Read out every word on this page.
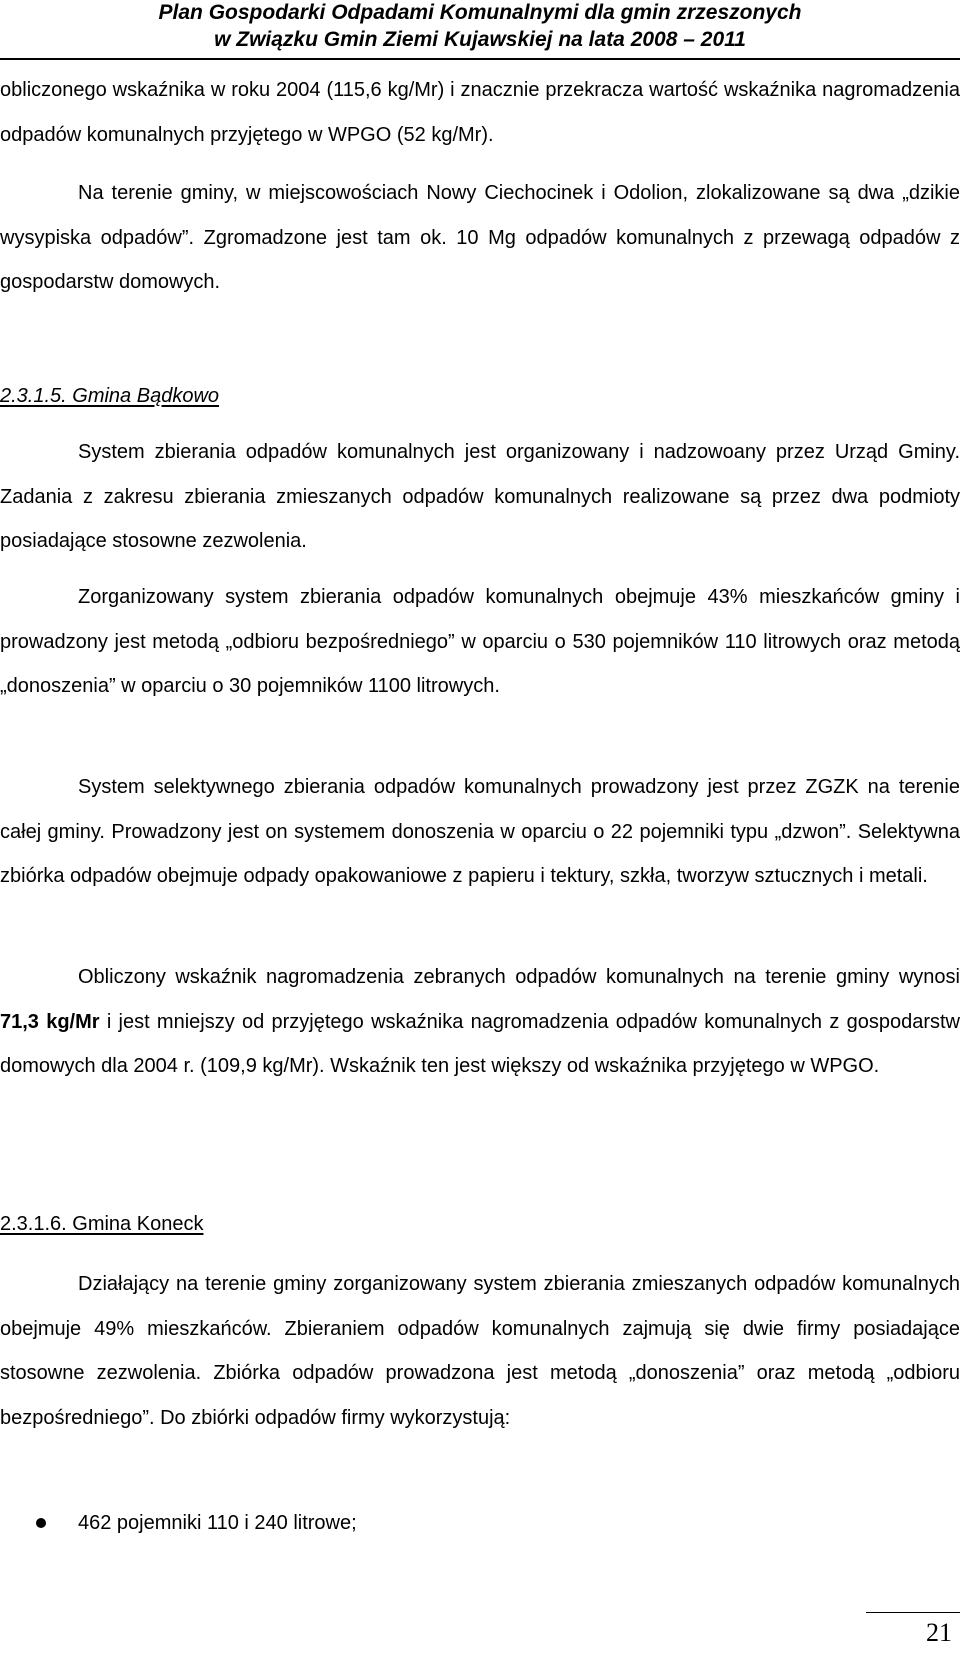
Plan Gospodarki Odpadami Komunalnymi dla gmin zrzeszonych
w Związku Gmin Ziemi Kujawskiej na lata 2008 – 2011
obliczonego wskaźnika w roku 2004 (115,6 kg/Mr) i znacznie przekracza wartość wskaźnika nagromadzenia odpadów komunalnych przyjętego w WPGO (52 kg/Mr).
Na terenie gminy, w miejscowościach Nowy Ciechocinek i Odolion, zlokalizowane są dwa „dzikie wysypiska odpadów”. Zgromadzone jest tam ok. 10 Mg odpadów komunalnych z przewagą odpadów z gospodarstw domowych.
2.3.1.5. Gmina Bądkowo
System zbierania odpadów komunalnych jest organizowany i nadzowoany przez Urząd Gminy. Zadania z zakresu zbierania zmieszanych odpadów komunalnych realizowane są przez dwa podmioty posiadające stosowne zezwolenia.
Zorganizowany system zbierania odpadów komunalnych obejmuje 43% mieszkańców gminy i prowadzony jest metodą „odbioru bezpośredniego” w oparciu o 530 pojemników 110 litrowych oraz metodą „donoszenia” w oparciu o 30 pojemników 1100 litrowych.
System selektywnego zbierania odpadów komunalnych prowadzony jest przez ZGZK na terenie całej gminy. Prowadzony jest on systemem donoszenia w oparciu o 22 pojemniki typu „dzwon”. Selektywna zbiórka odpadów obejmuje odpady opakowaniowe z papieru i tektury, szkła, tworzyw sztucznych i metali.
Obliczony wskaźnik nagromadzenia zebranych odpadów komunalnych na terenie gminy wynosi 71,3 kg/Mr i jest mniejszy od przyjętego wskaźnika nagromadzenia odpadów komunalnych z gospodarstw domowych dla 2004 r. (109,9 kg/Mr). Wskaźnik ten jest większy od wskaźnika przyjętego w WPGO.
2.3.1.6. Gmina Koneck
Działający na terenie gminy zorganizowany system zbierania zmieszanych odpadów komunalnych obejmuje 49% mieszkańców. Zbieraniem odpadów komunalnych zajmują się dwie firmy posiadające stosowne zezwolenia. Zbiórka odpadów prowadzona jest metodą „donoszenia” oraz metodą „odbioru bezpośredniego”. Do zbiórki odpadów firmy wykorzystują:
462 pojemniki 110 i 240 litrowe;
21
